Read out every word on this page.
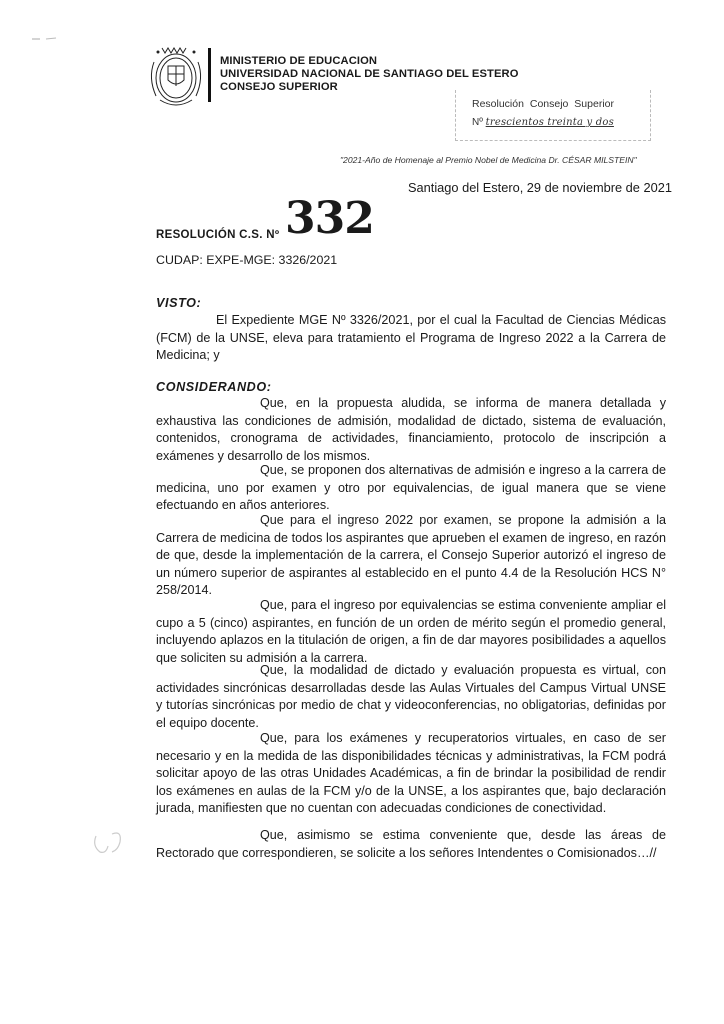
MINISTERIO DE EDUCACION
UNIVERSIDAD NACIONAL DE SANTIAGO DEL ESTERO
CONSEJO SUPERIOR
Resolución Consejo Superior
Nº trescientos treinta y dos
"2021-Año de Homenaje al Premio Nobel de Medicina Dr. CÉSAR MILSTEIN"
Santiago del Estero, 29 de noviembre de 2021
RESOLUCIÓN C.S. Nº 332
CUDAP: EXPE-MGE: 3326/2021
VISTO:

El Expediente MGE Nº 3326/2021, por el cual la Facultad de Ciencias Médicas (FCM) de la UNSE, eleva para tratamiento el Programa de Ingreso 2022 a la Carrera de Medicina; y

CONSIDERANDO:

Que, en la propuesta aludida, se informa de manera detallada y exhaustiva las condiciones de admisión, modalidad de dictado, sistema de evaluación, contenidos, cronograma de actividades, financiamiento, protocolo de inscripción a exámenes y desarrollo de los mismos.

Que, se proponen dos alternativas de admisión e ingreso a la carrera de medicina, uno por examen y otro por equivalencias, de igual manera que se viene efectuando en años anteriores.

Que para el ingreso 2022 por examen, se propone la admisión a la Carrera de medicina de todos los aspirantes que aprueben el examen de ingreso, en razón de que, desde la implementación de la carrera, el Consejo Superior autorizó el ingreso de un número superior de aspirantes al establecido en el punto 4.4 de la Resolución HCS N° 258/2014.

Que, para el ingreso por equivalencias se estima conveniente ampliar el cupo a 5 (cinco) aspirantes, en función de un orden de mérito según el promedio general, incluyendo aplazos en la titulación de origen, a fin de dar mayores posibilidades a aquellos que soliciten su admisión a la carrera.

Que, la modalidad de dictado y evaluación propuesta es virtual, con actividades sincrónicas desarrolladas desde las Aulas Virtuales del Campus Virtual UNSE y tutorías sincrónicas por medio de chat y videoconferencias, no obligatorias, definidas por el equipo docente.

Que, para los exámenes y recuperatorios virtuales, en caso de ser necesario y en la medida de las disponibilidades técnicas y administrativas, la FCM podrá solicitar apoyo de las otras Unidades Académicas, a fin de brindar la posibilidad de rendir los exámenes en aulas de la FCM y/o de la UNSE, a los aspirantes que, bajo declaración jurada, manifiesten que no cuentan con adecuadas condiciones de conectividad.

Que, asimismo se estima conveniente que, desde las áreas de Rectorado que correspondieren, se solicite a los señores Intendentes o Comisionados…//
